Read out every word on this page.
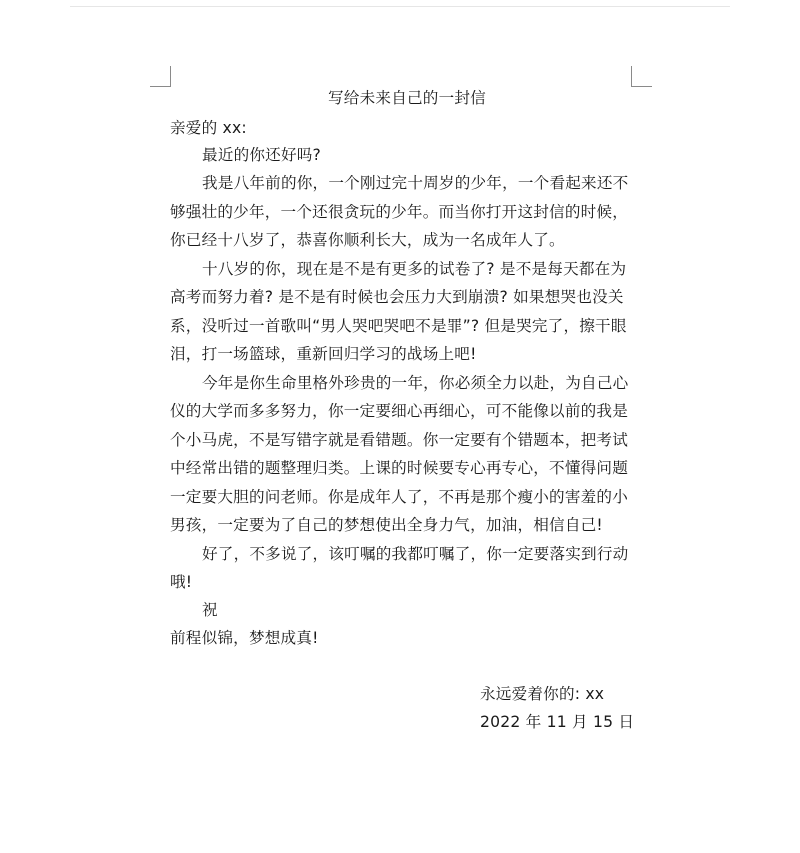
写给未来自己的一封信
亲爱的 xx:
最近的你还好吗?
我是八年前的你，一个刚过完十周岁的少年，一个看起来还不
够强壮的少年，一个还很贪玩的少年。而当你打开这封信的时候，
你已经十八岁了，恭喜你顺利长大，成为一名成年人了。
十八岁的你，现在是不是有更多的试卷了? 是不是每天都在为
高考而努力着? 是不是有时候也会压力大到崩溃? 如果想哭也没关
系，没听过一首歌叫“男人哭吧哭吧不是罪”? 但是哭完了，擦干眼
泪，打一场篮球，重新回归学习的战场上吧!
今年是你生命里格外珍贵的一年，你必须全力以赴，为自己心
仪的大学而多多努力，你一定要细心再细心，可不能像以前的我是
个小马虎，不是写错字就是看错题。你一定要有个错题本，把考试
中经常出错的题整理归类。上课的时候要专心再专心，不懂得问题
一定要大胆的问老师。你是成年人了，不再是那个瘦小的害羞的小
男孩，一定要为了自己的梦想使出全身力气，加油，相信自己!
好了，不多说了，该叮嘱的我都叮嘱了，你一定要落实到行动
哦!
祝
前程似锦，梦想成真!
永远爱着你的: xx
2022 年 11 月 15 日
